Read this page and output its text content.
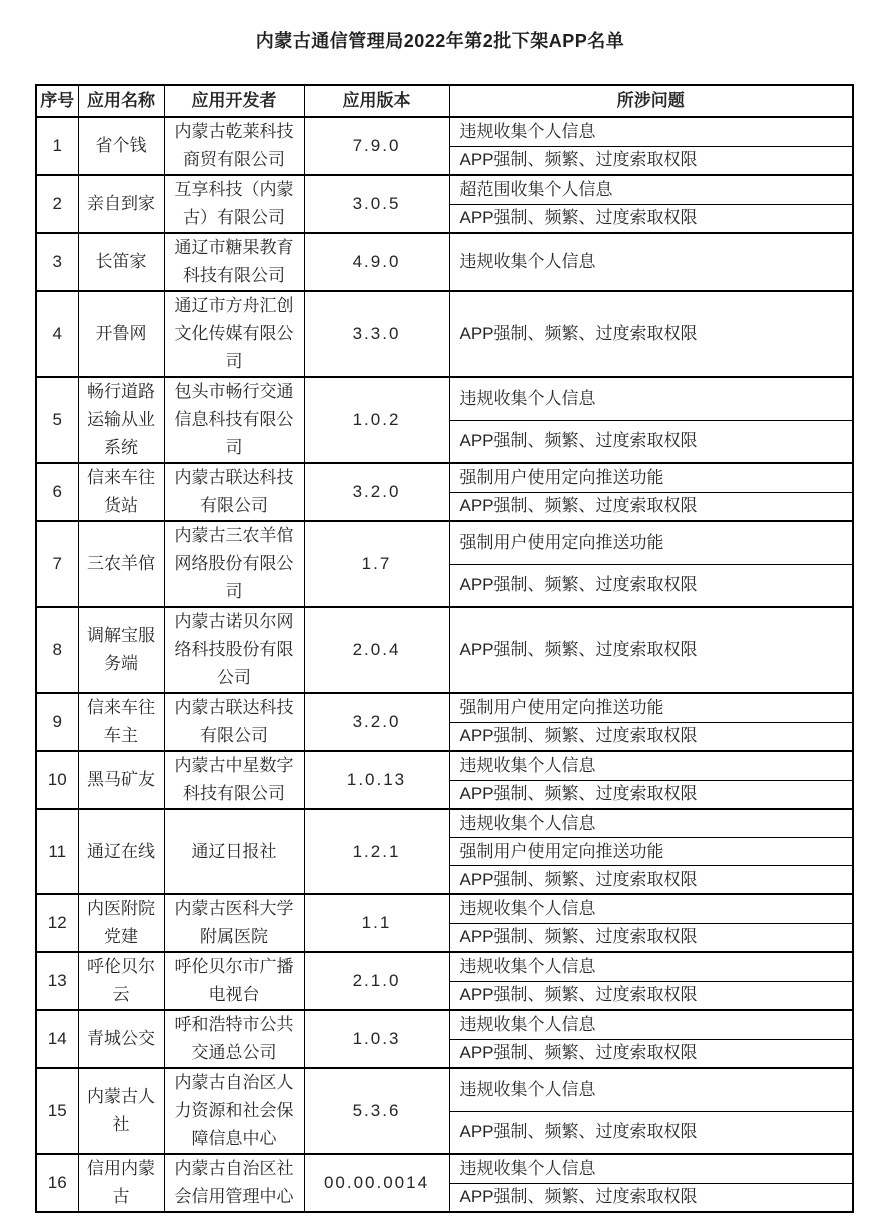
内蒙古通信管理局2022年第2批下架APP名单
序号	应用名称	应用开发者	应用版本	所涉问题
1	省个钱	内蒙古乾莱科技商贸有限公司	7.9.0	违规收集个人信息
				APP强制、频繁、过度索取权限
2	亲自到家	互享科技（内蒙古）有限公司	3.0.5	超范围收集个人信息
				APP强制、频繁、过度索取权限
3	长笛家	通辽市糖果教育科技有限公司	4.9.0	违规收集个人信息
4	开鲁网	通辽市方舟汇创文化传媒有限公司	3.3.0	APP强制、频繁、过度索取权限
5	畅行道路运输从业系统	包头市畅行交通信息科技有限公司	1.0.2	违规收集个人信息
				APP强制、频繁、过度索取权限
6	信来车往货站	内蒙古联达科技有限公司	3.2.0	强制用户使用定向推送功能
				APP强制、频繁、过度索取权限
7	三农羊倌	内蒙古三农羊倌网络股份有限公司	1.7	强制用户使用定向推送功能
				APP强制、频繁、过度索取权限
8	调解宝服务端	内蒙古诺贝尔网络科技股份有限公司	2.0.4	APP强制、频繁、过度索取权限
9	信来车往车主	内蒙古联达科技有限公司	3.2.0	强制用户使用定向推送功能
				APP强制、频繁、过度索取权限
10	黑马矿友	内蒙古中星数字科技有限公司	1.0.13	违规收集个人信息
				APP强制、频繁、过度索取权限
11	通辽在线	通辽日报社	1.2.1	违规收集个人信息
				强制用户使用定向推送功能
				APP强制、频繁、过度索取权限
12	内医附院党建	内蒙古医科大学附属医院	1.1	违规收集个人信息
				APP强制、频繁、过度索取权限
13	呼伦贝尔云	呼伦贝尔市广播电视台	2.1.0	违规收集个人信息
				APP强制、频繁、过度索取权限
14	青城公交	呼和浩特市公共交通总公司	1.0.3	违规收集个人信息
				APP强制、频繁、过度索取权限
15	内蒙古人社	内蒙古自治区人力资源和社会保障信息中心	5.3.6	违规收集个人信息
				APP强制、频繁、过度索取权限
16	信用内蒙古	内蒙古自治区社会信用管理中心	00.00.0014	违规收集个人信息
				APP强制、频繁、过度索取权限
